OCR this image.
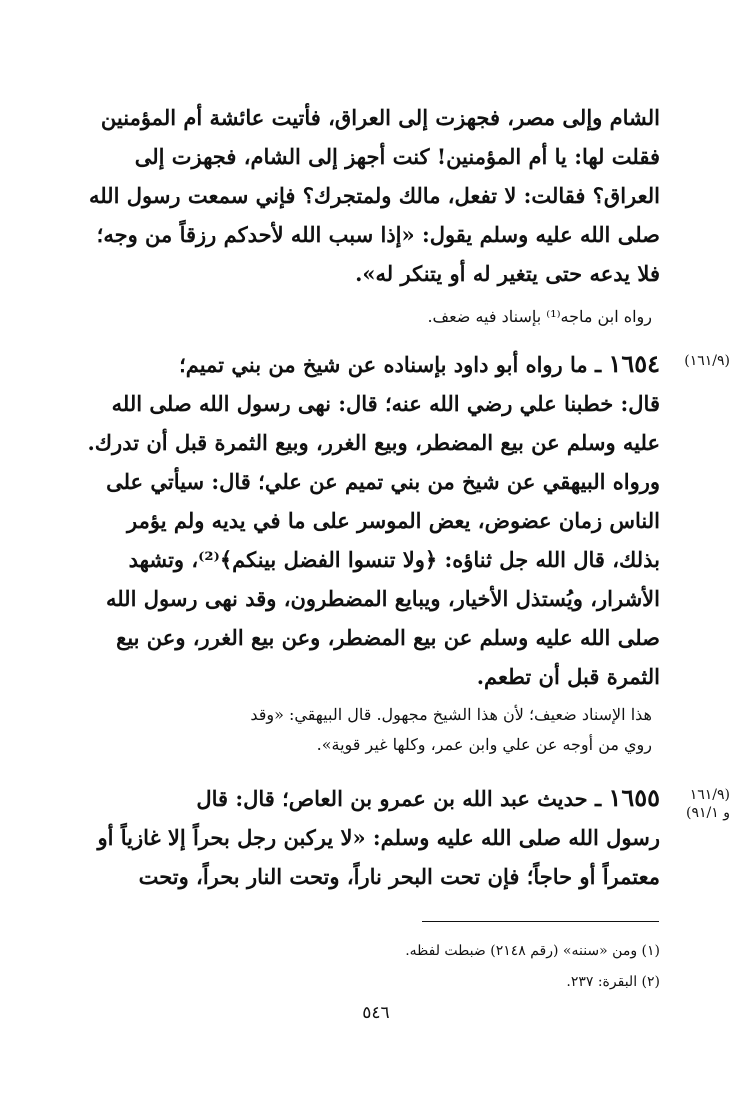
الشام وإلى مصر، فجهزت إلى العراق، فأتيت عائشة أم المؤمنين
فقلت لها: يا أم المؤمنين! كنت أجهز إلى الشام، فجهزت إلى
العراق؟ فقالت: لا تفعل، مالك ولمتجرك؟ فإني سمعت رسول الله
صلى الله عليه وسلم يقول: «إذا سبب الله لأحدكم رزقاً من وجه؛
فلا يدعه حتى يتغير له أو يتنكر له».
رواه ابن ماجه⁽¹⁾ بإسناد فيه ضعف.
(١٦١/٩)
١٦٥٤ ـ ما رواه أبو داود بإسناده عن شيخ من بني تميم؛
قال: خطبنا علي رضي الله عنه؛ قال: نهى رسول الله صلى الله
عليه وسلم عن بيع المضطر، وبيع الغرر، وبيع الثمرة قبل أن تدرك.
ورواه البيهقي عن شيخ من بني تميم عن علي؛ قال: سيأتي على
الناس زمان عضوض، يعض الموسر على ما في يديه ولم يؤمر
بذلك، قال الله جل ثناؤه: ﴿ولا تنسوا الفضل بينكم﴾⁽²⁾، وتشهد
الأشرار، ويُستذل الأخيار، ويبايع المضطرون، وقد نهى رسول الله
صلى الله عليه وسلم عن بيع المضطر، وعن بيع الغرر، وعن بيع
الثمرة قبل أن تطعم.
هذا الإسناد ضعيف؛ لأن هذا الشيخ مجهول. قال البيهقي: «وقد
روي من أوجه عن علي وابن عمر، وكلها غير قوية».
(١٦١/٩
و ٩١/١)
١٦٥٥ ـ حديث عبد الله بن عمرو بن العاص؛ قال: قال
رسول الله صلى الله عليه وسلم: «لا يركبن رجل بحراً إلا غازياً أو
معتمراً أو حاجاً؛ فإن تحت البحر ناراً، وتحت النار بحراً، وتحت
(١) ومن «سننه» (رقم ٢١٤٨) ضبطت لفظه.
(٢) البقرة: ٢٣٧.
٥٤٦
